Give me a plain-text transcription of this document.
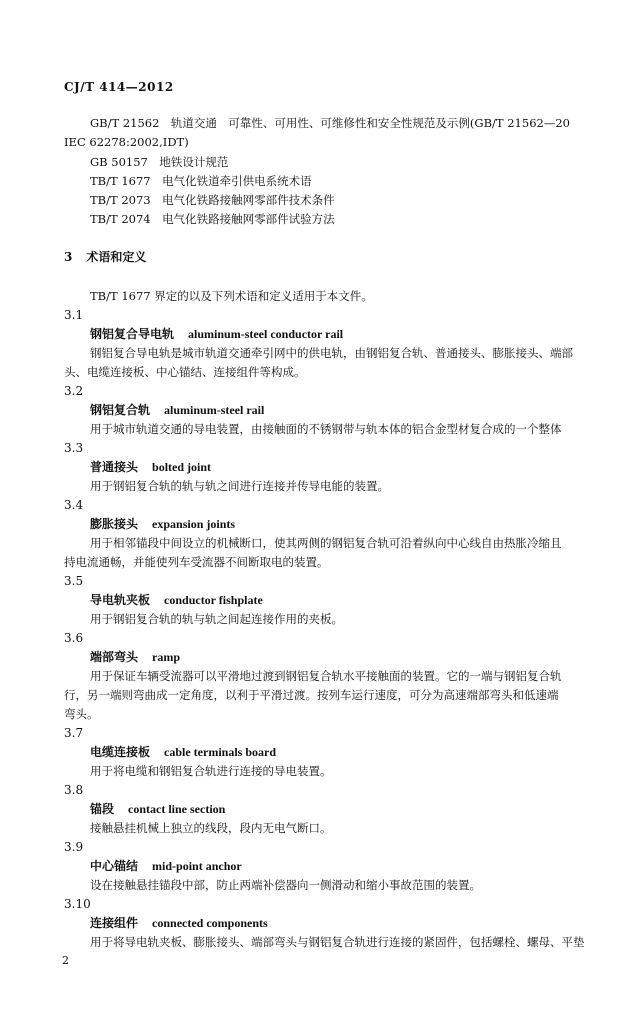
CJ/T 414—2012
GB/T 21562　轨道交通　可靠性、可用性、可维修性和安全性规范及示例(GB/T 21562—20
IEC 62278:2002,IDT)
GB 50157　地铁设计规范
TB/T 1677　电气化铁道牵引供电系统术语
TB/T 2073　电气化铁路接触网零部件技术条件
TB/T 2074　电气化铁路接触网零部件试验方法
3 术语和定义
TB/T 1677 界定的以及下列术语和定义适用于本文件。
3.1
钢铝复合导电轨 aluminum-steel conductor rail
钢铝复合导电轨是城市轨道交通牵引网中的供电轨，由钢铝复合轨、普通接头、膨胀接头、端部
头、电缆连接板、中心锚结、连接组件等构成。
3.2
钢铝复合轨 aluminum-steel rail
用于城市轨道交通的导电装置，由接触面的不锈钢带与轨本体的铝合金型材复合成的一个整体
3.3
普通接头 bolted joint
用于钢铝复合轨的轨与轨之间进行连接并传导电能的装置。
3.4
膨胀接头 expansion joints
用于相邻锚段中间设立的机械断口，使其两侧的钢铝复合轨可沿着纵向中心线自由热胀冷缩且
持电流通畅，并能使列车受流器不间断取电的装置。
3.5
导电轨夹板 conductor fishplate
用于钢铝复合轨的轨与轨之间起连接作用的夹板。
3.6
端部弯头 ramp
用于保证车辆受流器可以平滑地过渡到钢铝复合轨水平接触面的装置。它的一端与钢铝复合轨
行，另一端则弯曲成一定角度，以利于平滑过渡。按列车运行速度，可分为高速端部弯头和低速端
弯头。
3.7
电缆连接板 cable terminals board
用于将电缆和钢铝复合轨进行连接的导电装置。
3.8
锚段 contact line section
接触悬挂机械上独立的线段，段内无电气断口。
3.9
中心锚结 mid-point anchor
设在接触悬挂锚段中部，防止两端补偿器向一侧滑动和缩小事故范围的装置。
3.10
连接组件 connected components
用于将导电轨夹板、膨胀接头、端部弯头与钢铝复合轨进行连接的紧固件，包括螺栓、螺母、平垫
2
